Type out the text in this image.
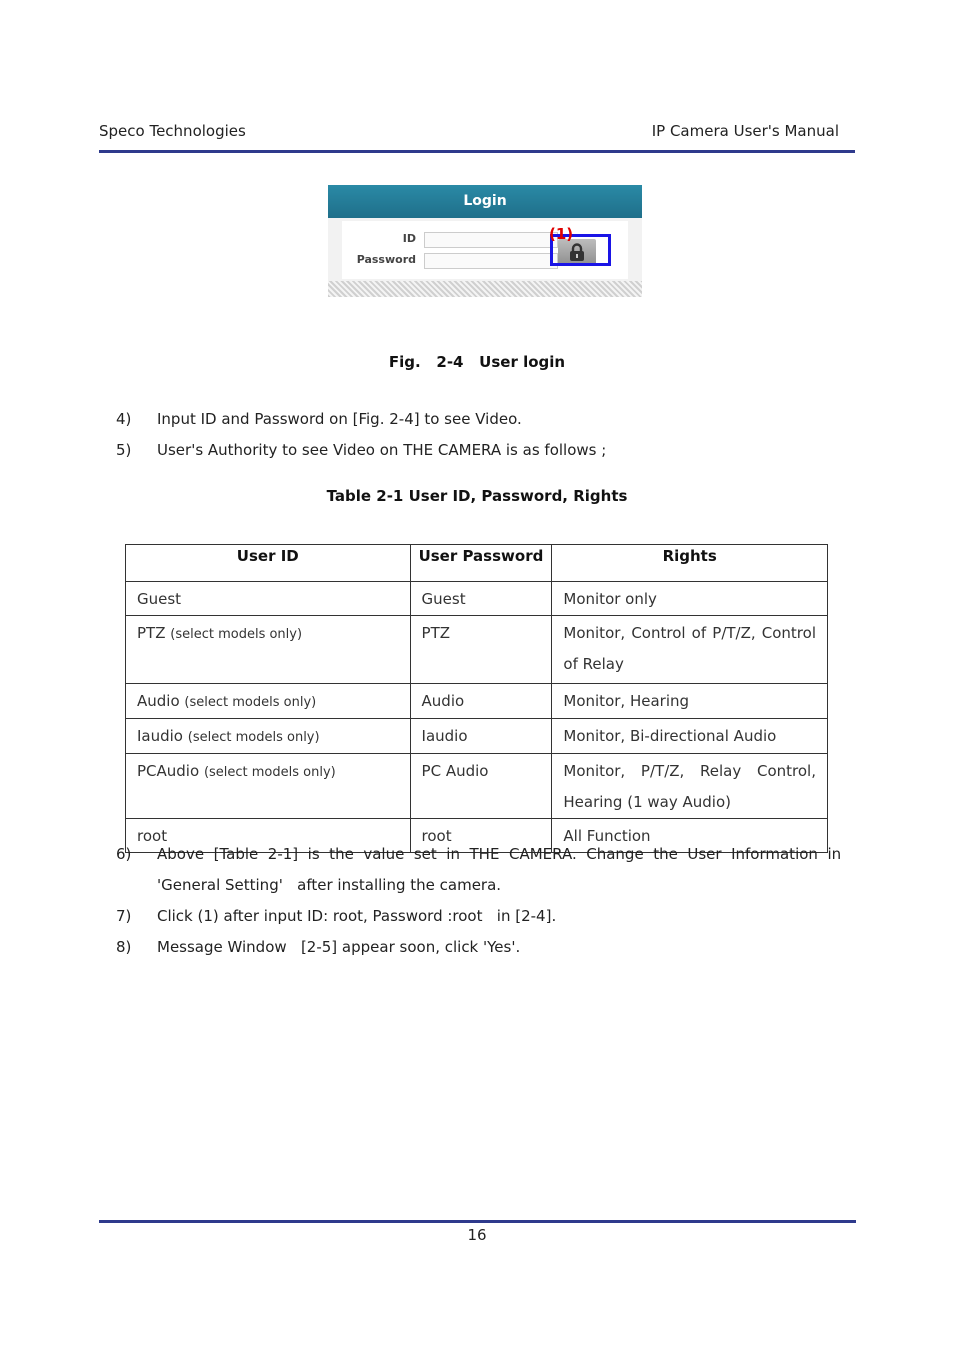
Speco Technologies	IP Camera User's Manual
Login
ID
Password
(1)
Fig.   2-4   User login
4) Input ID and Password on [Fig. 2-4] to see Video.
5) User's Authority to see Video on THE CAMERA is as follows ;
Table 2-1 User ID, Password, Rights
User ID	User Password	Rights
Guest	Guest	Monitor only
PTZ (select models only)	PTZ	Monitor, Control of P/T/Z, Control of Relay
Audio (select models only)	Audio	Monitor, Hearing
Iaudio (select models only)	Iaudio	Monitor, Bi-directional Audio
PCAudio (select models only)	PC Audio	Monitor, P/T/Z, Relay Control, Hearing (1 way Audio)
root	root	All Function
6) Above  [Table  2-1]  is  the  value  set  in  THE  CAMERA.  Change  the  User  Information  in
'General Setting'   after installing the camera.
7) Click (1) after input ID: root, Password :root   in [2-4].
8) Message Window   [2-5] appear soon, click 'Yes'.
16
